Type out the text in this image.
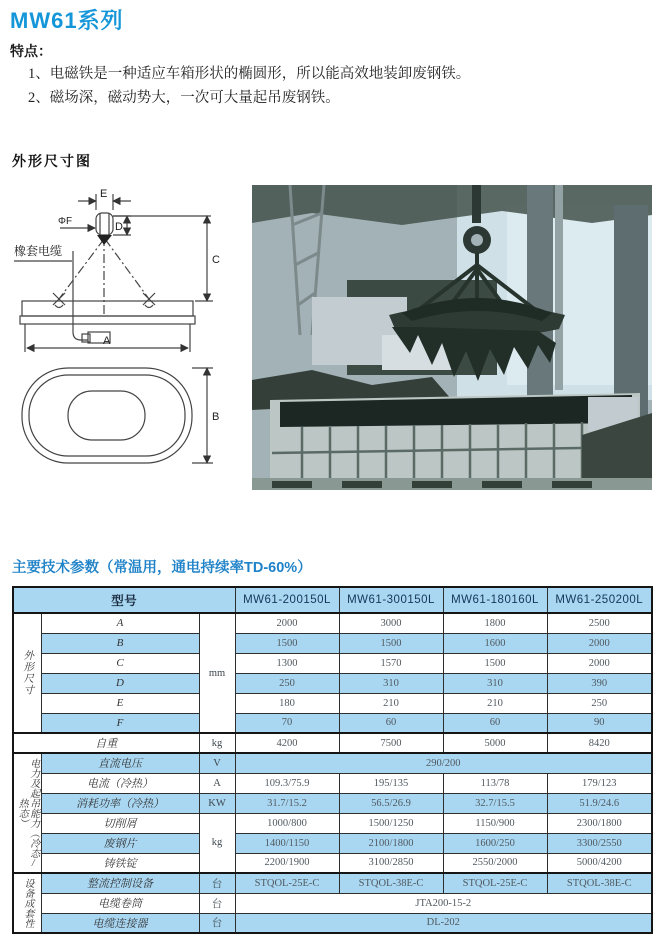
MW61系列
特点：
1、电磁铁是一种适应车箱形状的椭圆形，所以能高效地装卸废钢铁。
2、磁场深，磁动势大，一次可大量起吊废钢铁。
外形尺寸图
E
ΦF	D
C
A
B
橡套电缆
主要技术参数（常温用，通电持续率TD-60%）
型号			MW61-200150L	MW61-300150L	MW61-180160L	MW61-250200L
外形尺寸	A	mm	2000	3000	1800	2500
	B		1500	1500	1600	2000
	C		1300	1570	1500	2000
	D		250	310	310	390
	E		180	210	210	250
	F		70	60	60	90
自重		kg	4200	7500	5000	8420
电力及起吊能力（冷态/热态）	直流电压	V	290/200			
	电流（冷热）	A	109.3/75.9	195/135	113/78	179/123
	消耗功率（冷热）	KW	31.7/15.2	56.5/26.9	32.7/15.5	51.9/24.6
	切削屑	kg	1000/800	1500/1250	1150/900	2300/1800
	废钢片		1400/1150	2100/1800	1600/250	3300/2550
	铸铁锭		2200/1900	3100/2850	2550/2000	5000/4200
设备成套性	整流控制设备	台	STQOL-25E-C	STQOL-38E-C	STQOL-25E-C	STQOL-38E-C
	电缆卷筒	台	JTA200-15-2			
	电缆连接器	台	DL-202			
